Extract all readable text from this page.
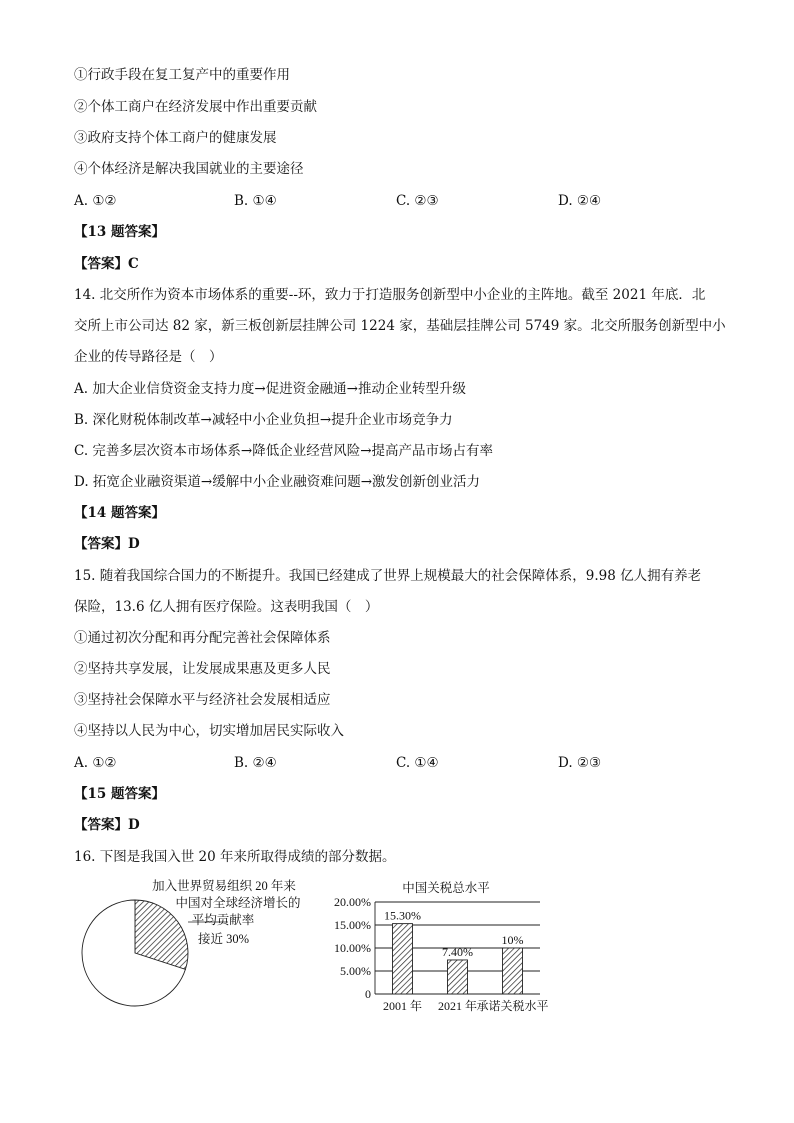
①行政手段在复工复产中的重要作用
②个体工商户在经济发展中作出重要贡献
③政府支持个体工商户的健康发展
④个体经济是解决我国就业的主要途径
A. ①②	B. ①④	C. ②③	D. ②④
【13 题答案】
【答案】C
14. 北交所作为资本市场体系的重要--环，致力于打造服务创新型中小企业的主阵地。截至 2021 年底．北
交所上市公司达 82 家，新三板创新层挂牌公司 1224 家，基础层挂牌公司 5749 家。北交所服务创新型中小
企业的传导路径是（　）
A. 加大企业信贷资金支持力度→促进资金融通→推动企业转型升级
B. 深化财税体制改革→减轻中小企业负担→提升企业市场竞争力
C. 完善多层次资本市场体系→降低企业经营风险→提高产品市场占有率
D. 拓宽企业融资渠道→缓解中小企业融资难问题→激发创新创业活力
【14 题答案】
【答案】D
15. 随着我国综合国力的不断提升。我国已经建成了世界上规模最大的社会保障体系，9.98 亿人拥有养老
保险，13.6 亿人拥有医疗保险。这表明我国（　）
①通过初次分配和再分配完善社会保障体系
②坚持共享发展，让发展成果惠及更多人民
③坚持社会保障水平与经济社会发展相适应
④坚持以人民为中心，切实增加居民实际收入
A. ①②	B. ②④	C. ①④	D. ②③
【15 题答案】
【答案】D
16. 下图是我国入世 20 年来所取得成绩的部分数据。
加入世界贸易组织 20 年来
中国对全球经济增长的
平均贡献率
接近 30%
中国关税总水平
0
5.00%
10.00%
15.00%
20.00%
15.30%
7.40%
10%
2001 年 2021 年 承诺关税水平
